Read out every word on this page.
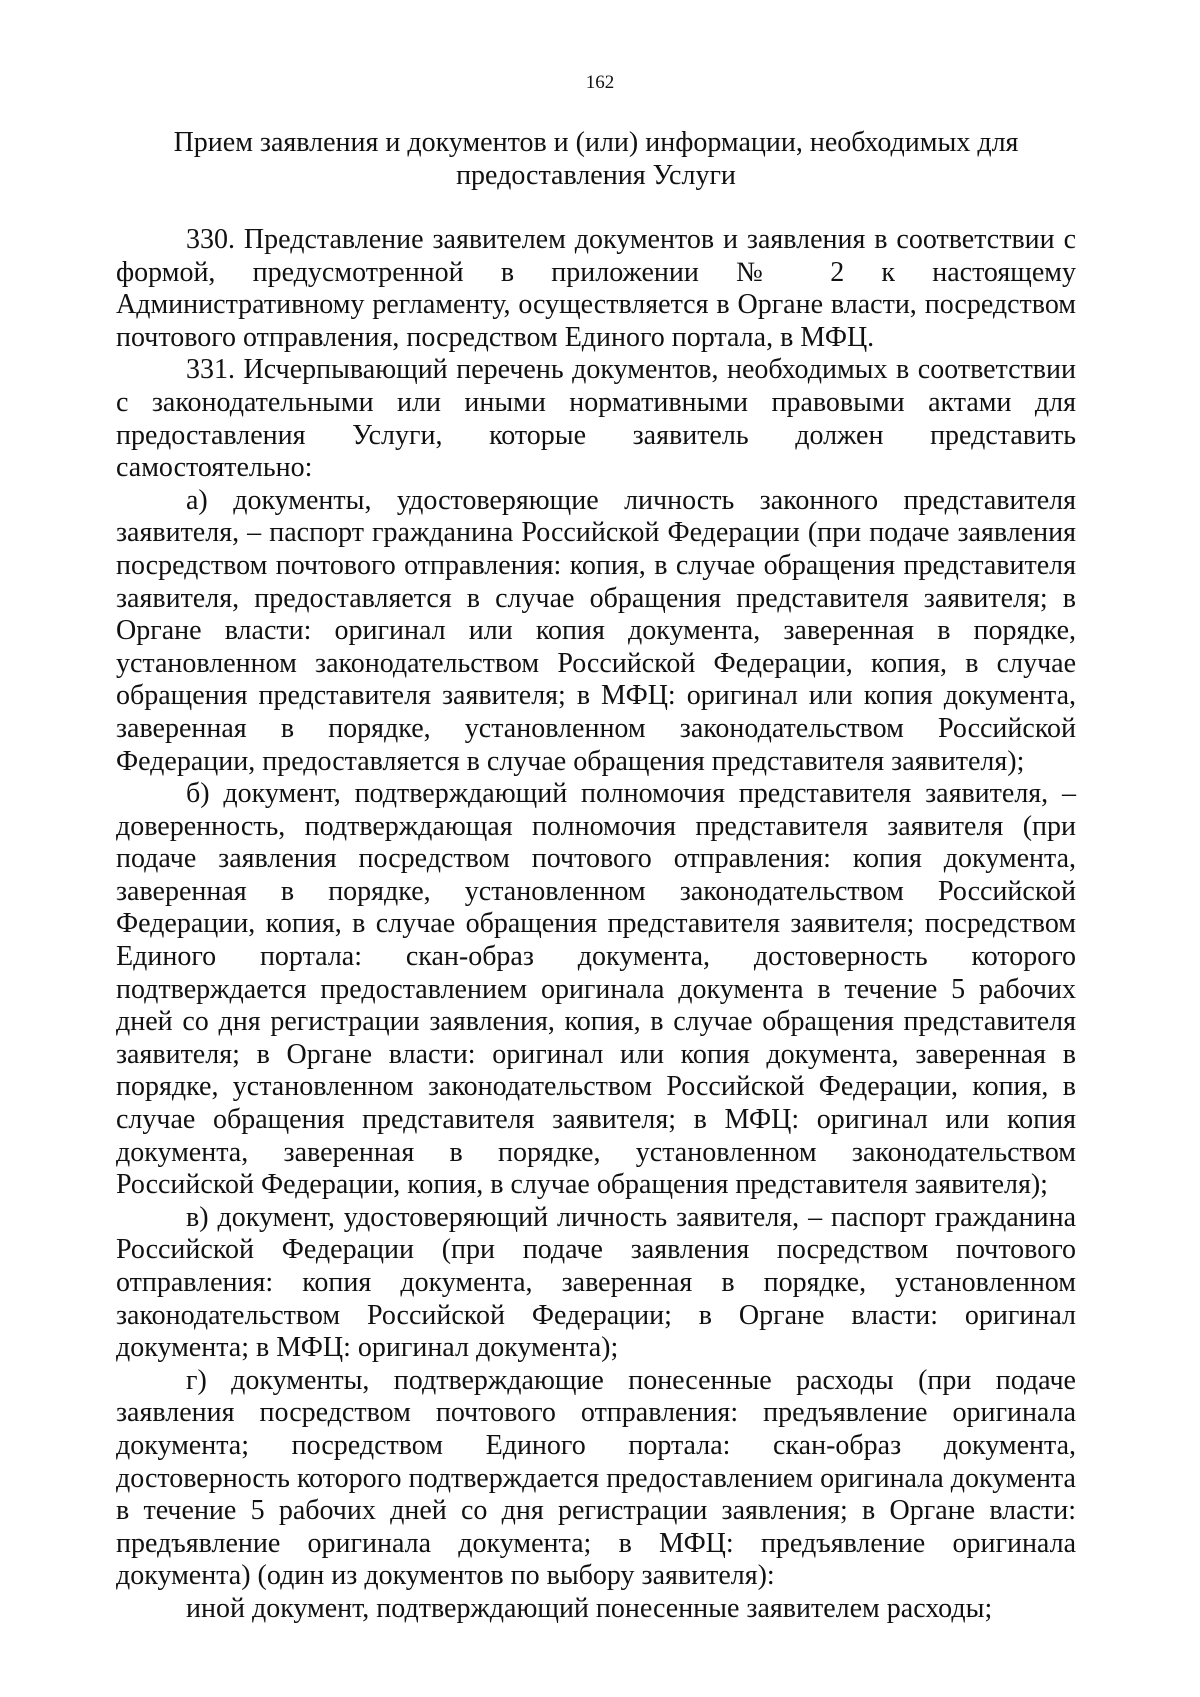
162
Прием заявления и документов и (или) информации, необходимых для
предоставления Услуги

330. Представление заявителем документов и заявления в соответствии с формой, предусмотренной в приложении № 2 к настоящему Административному регламенту, осуществляется в Органе власти, посредством почтового отправления, посредством Единого портала, в МФЦ.

331. Исчерпывающий перечень документов, необходимых в соответствии с законодательными или иными нормативными правовыми актами для предоставления Услуги, которые заявитель должен представить самостоятельно:

а) документы, удостоверяющие личность законного представителя заявителя, – паспорт гражданина Российской Федерации (при подаче заявления посредством почтового отправления: копия, в случае обращения представителя заявителя, предоставляется в случае обращения представителя заявителя; в Органе власти: оригинал или копия документа, заверенная в порядке, установленном законодательством Российской Федерации, копия, в случае обращения представителя заявителя; в МФЦ: оригинал или копия документа, заверенная в порядке, установленном законодательством Российской Федерации, предоставляется в случае обращения представителя заявителя);

б) документ, подтверждающий полномочия представителя заявителя, – доверенность, подтверждающая полномочия представителя заявителя (при подаче заявления посредством почтового отправления: копия документа, заверенная в порядке, установленном законодательством Российской Федерации, копия, в случае обращения представителя заявителя; посредством Единого портала: скан-образ документа, достоверность которого подтверждается предоставлением оригинала документа в течение 5 рабочих дней со дня регистрации заявления, копия, в случае обращения представителя заявителя; в Органе власти: оригинал или копия документа, заверенная в порядке, установленном законодательством Российской Федерации, копия, в случае обращения представителя заявителя; в МФЦ: оригинал или копия документа, заверенная в порядке, установленном законодательством Российской Федерации, копия, в случае обращения представителя заявителя);

в) документ, удостоверяющий личность заявителя, – паспорт гражданина Российской Федерации (при подаче заявления посредством почтового отправления: копия документа, заверенная в порядке, установленном законодательством Российской Федерации; в Органе власти: оригинал документа; в МФЦ: оригинал документа);

г) документы, подтверждающие понесенные расходы (при подаче заявления посредством почтового отправления: предъявление оригинала документа; посредством Единого портала: скан-образ документа, достоверность которого подтверждается предоставлением оригинала документа в течение 5 рабочих дней со дня регистрации заявления; в Органе власти: предъявление оригинала документа; в МФЦ: предъявление оригинала документа) (один из документов по выбору заявителя):

иной документ, подтверждающий понесенные заявителем расходы;
